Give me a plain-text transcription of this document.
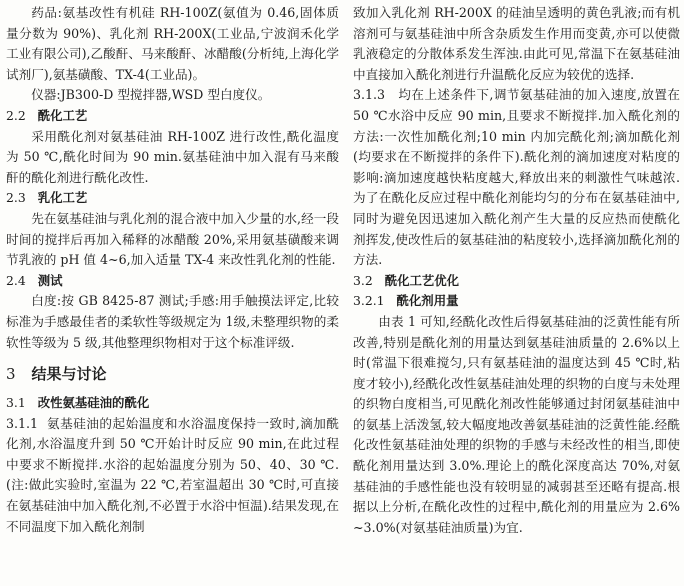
药品:氨基改性有机硅 RH-100Z(氨值为 0.46,固体质量分数为 90%)、乳化剂 RH-200X(工业品,宁波润禾化学工业有限公司),乙酸酐、马来酸酐、冰醋酸(分析纯,上海化学试剂厂),氨基磺酸、TX-4(工业品)。

仪器:JB300-D 型搅拌器,WSD 型白度仪。

2.2 酰化工艺

采用酰化剂对氨基硅油 RH-100Z 进行改性,酰化温度为 50 ℃,酰化时间为 90 min.氨基硅油中加入混有马来酸酐的酰化剂进行酰化改性.

2.3 乳化工艺

先在氨基硅油与乳化剂的混合液中加入少量的水,经一段时间的搅拌后再加入稀释的冰醋酸 20%,采用氨基磺酸来调节乳液的 pH 值 4~6,加入适量 TX-4 来改性乳化剂的性能.

2.4 测试

白度:按 GB 8425-87 测试;手感:用手触摸法评定,比较标准为手感最佳者的柔软性等级规定为 1级,未整理织物的柔软性等级为 5 级,其他整理织物相对于这个标准评级.

3 结果与讨论

3.1 改性氨基硅油的酰化

3.1.1 氨基硅油的起始温度和水浴温度保持一致时,滴加酰化剂,水浴温度升到 50 ℃开始计时反应 90 min,在此过程中要求不断搅拌.水浴的起始温度分别为 50、40、30 ℃.(注:做此实验时,室温为 22 ℃,若室温超出 30 ℃时,可直接在氨基硅油中加入酰化剂,不必置于水浴中恒温).结果发现,在不同温度下加入酰化剂制

致加入乳化剂 RH-200X 的硅油呈透明的黄色乳液;而有机溶剂可与氨基硅油中所含杂质发生作用而变黄,亦可以使微乳液稳定的分散体系发生浑浊.由此可见,常温下在氨基硅油中直接加入酰化剂进行升温酰化反应为较优的选择.

3.1.3 均在上述条件下,调节氨基硅油的加入速度,放置在 50 ℃水浴中反应 90 min,且要求不断搅拌.加入酰化剂的方法:一次性加酰化剂;10 min 内加完酰化剂;滴加酰化剂(均要求在不断搅拌的条件下).酰化剂的滴加速度对粘度的影响:滴加速度越快粘度越大,释放出来的刺激性气味越浓.为了在酰化反应过程中酰化剂能均匀的分布在氨基硅油中,同时为避免因迅速加入酰化剂产生大量的反应热而使酰化剂挥发,使改性后的氨基硅油的粘度较小,选择滴加酰化剂的方法.

3.2 酰化工艺优化

3.2.1 酰化剂用量

由表 1 可知,经酰化改性后得氨基硅油的泛黄性能有所改善,特别是酰化剂的用量达到氨基硅油质量的 2.6%以上时(常温下很难搅匀,只有氨基硅油的温度达到 45 ℃时,粘度才较小),经酰化改性氨基硅油处理的织物的白度与未处理的织物白度相当,可见酰化剂改性能够通过封闭氨基硅油中的氨基上活泼氢,较大幅度地改善氨基硅油的泛黄性能.经酰化改性氨基硅油处理的织物的手感与未经改性的相当,即使酰化剂用量达到 3.0%.理论上的酰化深度高达 70%,对氨基硅油的手感性能也没有较明显的减弱甚至还略有提高.根据以上分析,在酰化改性的过程中,酰化剂的用量应为 2.6%~3.0%(对氨基硅油质量)为宜.
